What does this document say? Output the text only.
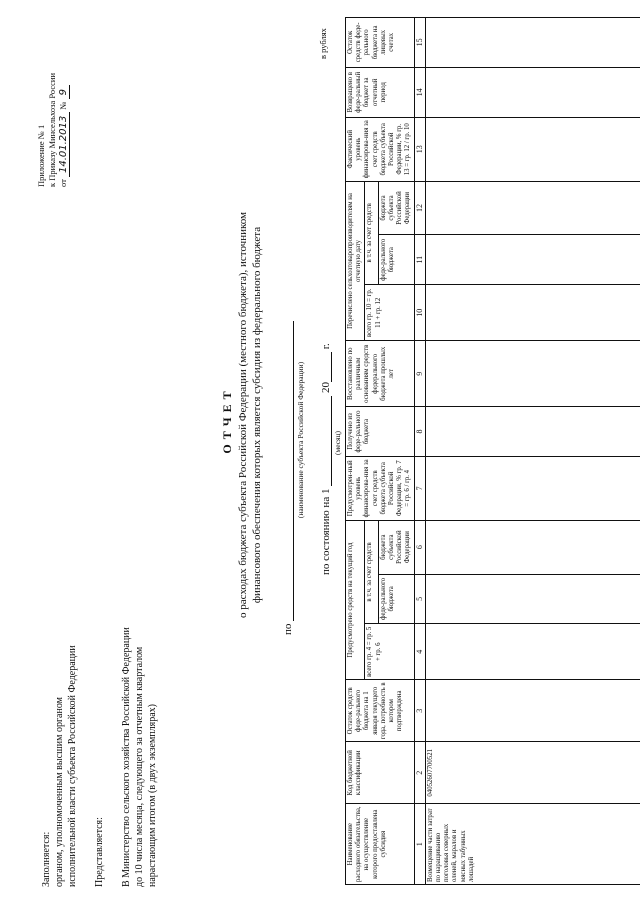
Приложение № 1 к Приказу Минсельхоза России от 14.01.2013 № 9

Заполняется: органом, уполномоченным высшим органом исполнительной власти субъекта Российской Федерации Представляется: В Министерство сельского хозяйства Российской Федерации до 10 числа месяца, следующего за отчетным кварталом нарастающим итогом (в двух экземплярах)

ОТЧЕТ о расходах бюджета субъекта Российской Федерации (местного бюджета), источником финансового обеспечения которых является субсидия из федерального бюджета
по
(наименование субъекта Российской Федерации)
по состоянию на 1  20 г.
(месяц)
в рублях
Наименование расходного обязательства, на осуществление которого предоставлена субсидия	Код бюджетной классификации	Остаток средств феде-рального бюджета на 1 января текущего года, потребность в котором подтверждена	Предусмотрено средств на текущий год			Предусмотрен-ный уровень финансирова-ния за счет средств бюджета субъекта Российской Федерации, % гр. 7 = гр. 6 / гр. 4	Получено из феде-рального бюджета	Восстановлено по различным основаниям средств федерального бюджета прошлых лет	Перечислено сельхозтоваропроизводителям на отчетную дату			Фактический уровень финансирова-ния за счет средств бюджета субъекта Российской Федерации, % гр. 13 = гр. 12 / гр. 10	Возвращено в феде-ральный бюджет за отчетный период	Остаток средств феде-рального бюджета на лицевых счетах
			всего гр. 4 = гр. 5 + гр. 6	в т.ч. за счет средств					всего гр. 10 = гр. 11 + гр. 12	в т.ч. за счет средств				
				феде-рального бюджета	бюджета субъекта Российской Федерации					феде-рального бюджета	бюджета субъекта Российской Федерации			
1	2	3	4	5	6	7	8	9	10	11	12	13	14	15
Возмещение части затрат по наращиванию поголовья северных оленей, маралов и мясных табунных лошадей	04052607700521													
